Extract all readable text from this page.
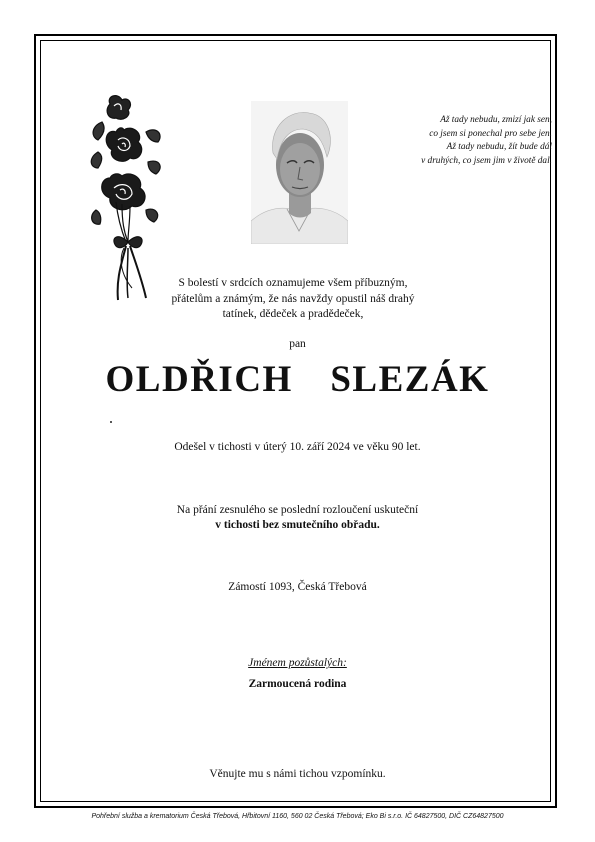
Až tady nebudu, zmizí jak sen,
co jsem si ponechal pro sebe jen.
Až tady nebudu, žít bude dál
v druhých, co jsem jim v životě dal.
S bolestí v srdcích oznamujeme všem příbuzným,
přátelům a známým, že nás navždy opustil náš drahý
tatínek, dědeček a pradědeček,
pan
OLDŘICH  SLEZÁK
Odešel v tichosti v úterý 10. září 2024 ve věku 90 let.
Na přání zesnulého se poslední rozloučení uskuteční
v tichosti bez smutečního obřadu.
Zámostí 1093, Česká Třebová
Jménem pozůstalých:
Zarmoucená rodina
Věnujte mu s námi tichou vzpomínku.
Pohřební služba a krematorium Česká Třebová, Hřbitovní 1160, 560 02 Česká Třebová; Eko Bi s.r.o. IČ 64827500, DIČ CZ64827500
